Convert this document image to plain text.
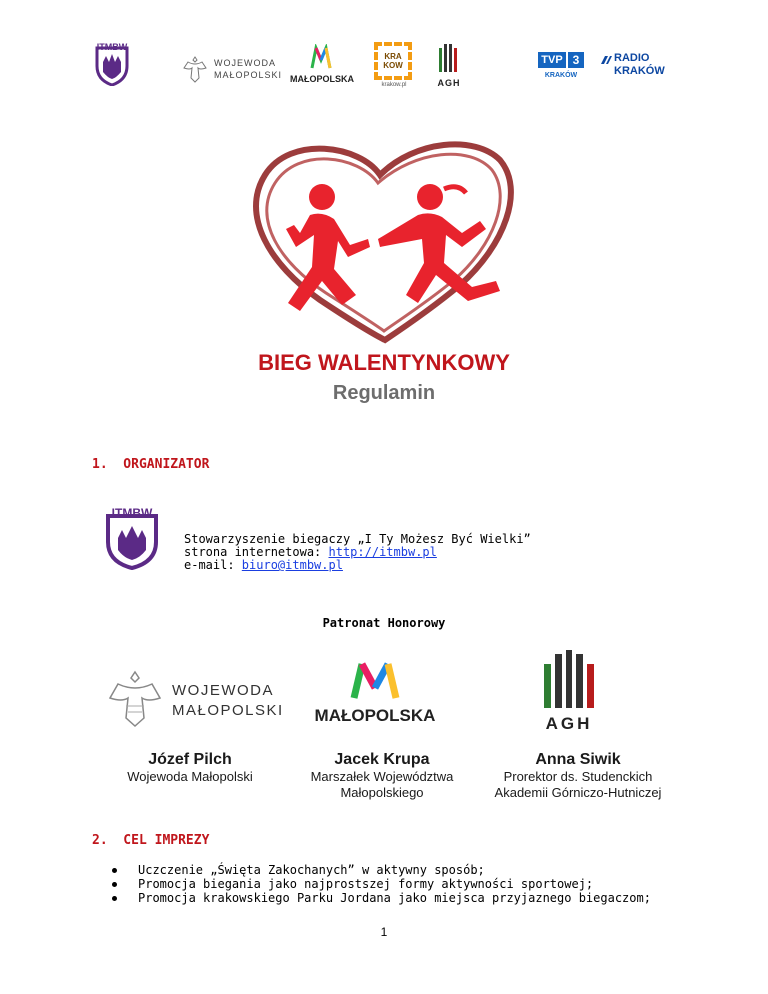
ITMBW
WOJEWODA
MAŁOPOLSKI MAŁOPOLSKA
KRA KOW
krakow.pl	AGH
TVP 3
KRAKÓW
RADIO
KRAKÓW
BIEG WALENTYNKOWY
Regulamin
1.  ORGANIZATOR
ITMBW
Stowarzyszenie biegaczy „I Ty Możesz Być Wielki”
strona internetowa: http://itmbw.pl
e-mail: biuro@itmbw.pl
Patronat Honorowy
WOJEWODA
MAŁOPOLSKI	MAŁOPOLSKA	AGH
Józef Pilch
Wojewoda Małopolski
Jacek Krupa
Marszałek Województwa
Małopolskiego
Anna Siwik
Prorektor ds. Studenckich
Akademii Górniczo-Hutniczej
2.  CEL IMPREZY
Uczczenie „Święta Zakochanych” w aktywny sposób;
Promocja biegania jako najprostszej formy aktywności sportowej;
Promocja krakowskiego Parku Jordana jako miejsca przyjaznego biegaczom;
1
